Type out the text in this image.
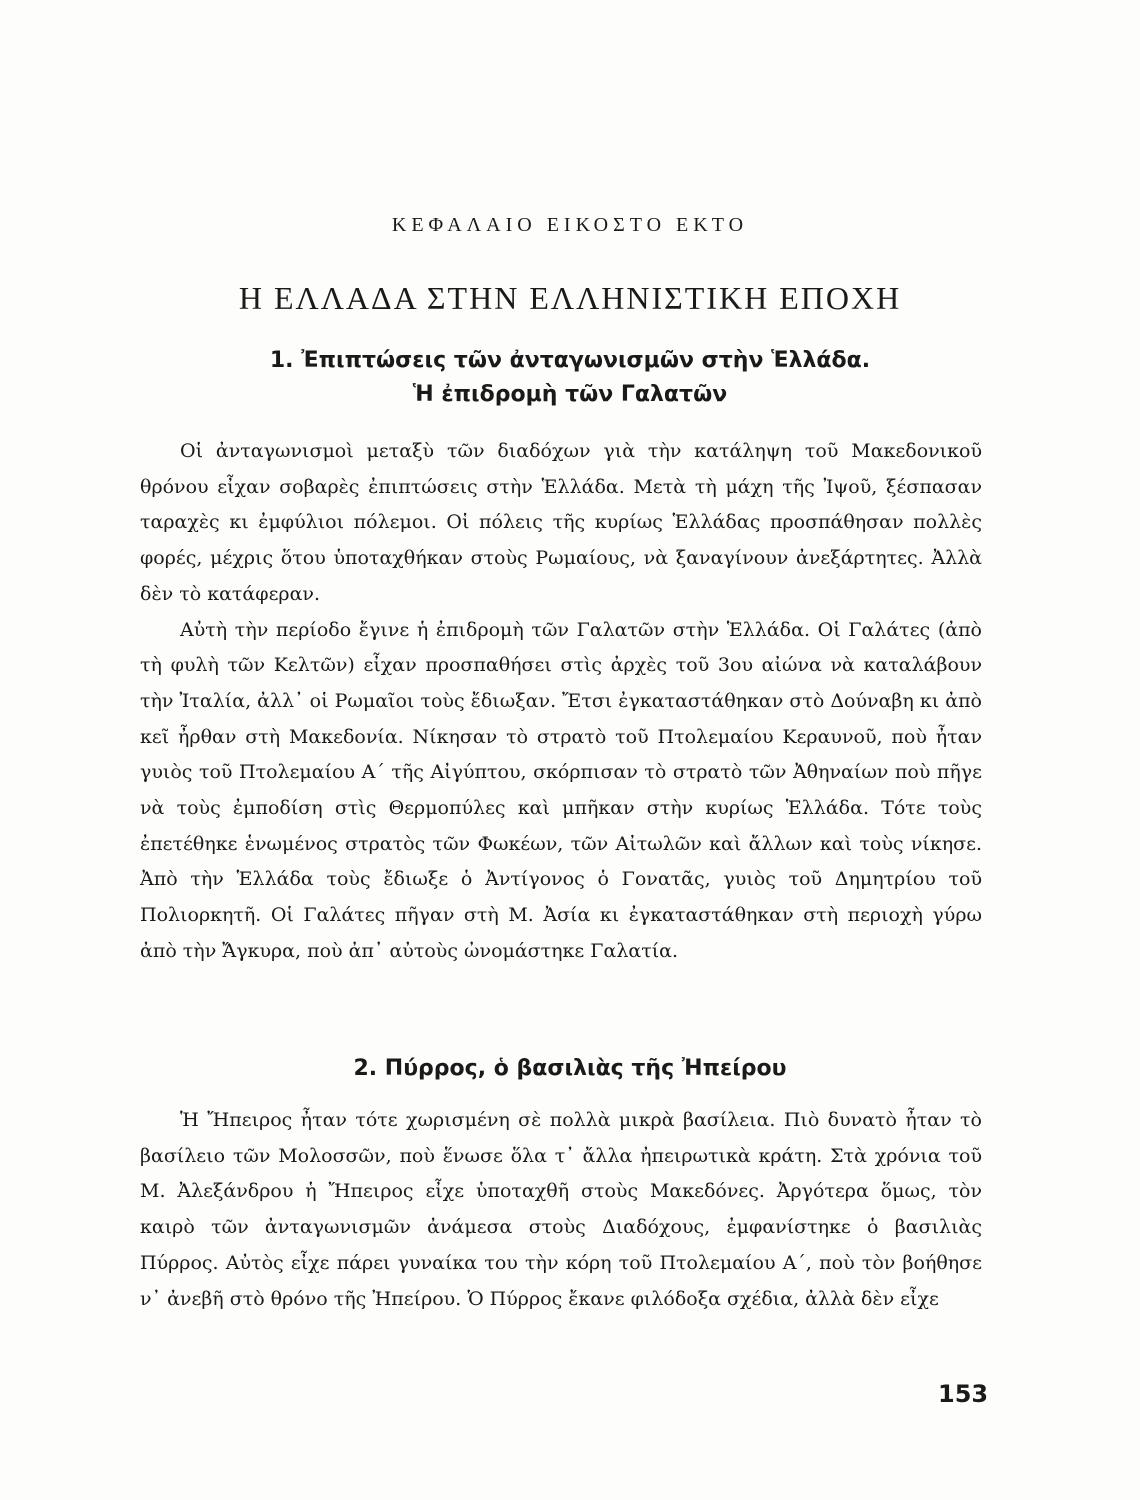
ΚΕΦΑΛΑΙΟ ΕΙΚΟΣΤΟ ΕΚΤΟ
Η ΕΛΛΑΔΑ ΣΤΗΝ ΕΛΛΗΝΙΣΤΙΚΗ ΕΠΟΧΗ
1. Ἐπιπτώσεις τῶν ἀνταγωνισμῶν στὴν Ἑλλάδα.
Ἡ ἐπιδρομὴ τῶν Γαλατῶν

Οἱ ἀνταγωνισμοὶ μεταξὺ τῶν διαδόχων γιὰ τὴν κατάληψη τοῦ Μακεδονικοῦ θρόνου εἶχαν σοβαρὲς ἐπιπτώσεις στὴν Ἑλλάδα. Μετὰ τὴ μάχη τῆς Ἰψοῦ, ξέσπασαν ταραχὲς κι ἐμφύλιοι πόλεμοι. Οἱ πόλεις τῆς κυρίως Ἑλλάδας προσπάθησαν πολλὲς φορές, μέχρις ὅτου ὑποταχθήκαν στοὺς Ρωμαίους, νὰ ξαναγίνουν ἀνεξάρτητες. Ἀλλὰ δὲν τὸ κατάφεραν.

Αὐτὴ τὴν περίοδο ἔγινε ἡ ἐπιδρομὴ τῶν Γαλατῶν στὴν Ἑλλάδα. Οἱ Γαλάτες (ἀπὸ τὴ φυλὴ τῶν Κελτῶν) εἶχαν προσπαθήσει στὶς ἀρχὲς τοῦ 3ου αἰώνα νὰ καταλάβουν τὴν Ἰταλία, ἀλλ᾽ οἱ Ρωμαῖοι τοὺς ἔδιωξαν. Ἔτσι ἐγκαταστάθηκαν στὸ Δούναβη κι ἀπὸ κεῖ ἦρθαν στὴ Μακεδονία. Νίκησαν τὸ στρατὸ τοῦ Πτολεμαίου Κεραυνοῦ, ποὺ ἦταν γυιὸς τοῦ Πτολεμαίου Α΄ τῆς Αἰγύπτου, σκόρπισαν τὸ στρατὸ τῶν Ἀθηναίων ποὺ πῆγε νὰ τοὺς ἐμποδίση στὶς Θερμοπύλες καὶ μπῆκαν στὴν κυρίως Ἑλλάδα. Τότε τοὺς ἐπετέθηκε ἑνωμένος στρατὸς τῶν Φωκέων, τῶν Αἰτωλῶν καὶ ἄλλων καὶ τοὺς νίκησε. Ἀπὸ τὴν Ἑλλάδα τοὺς ἔδιωξε ὁ Ἀντίγονος ὁ Γονατᾶς, γυιὸς τοῦ Δημητρίου τοῦ Πολιορκητῆ. Οἱ Γαλάτες πῆγαν στὴ Μ. Ἀσία κι ἐγκαταστάθηκαν στὴ περιοχὴ γύρω ἀπὸ τὴν Ἄγκυρα, ποὺ ἀπ᾽ αὐτοὺς ὠνομάστηκε Γαλατία.

2. Πύρρος, ὁ βασιλιὰς τῆς Ἠπείρου

Ἡ Ἤπειρος ἦταν τότε χωρισμένη σὲ πολλὰ μικρὰ βασίλεια. Πιὸ δυνατὸ ἦταν τὸ βασίλειο τῶν Μολοσσῶν, ποὺ ἕνωσε ὅλα τ᾽ ἄλλα ἠπειρωτικὰ κράτη. Στὰ χρόνια τοῦ Μ. Ἀλεξάνδρου ἡ Ἤπειρος εἶχε ὑποταχθῆ στοὺς Μακεδόνες. Ἀργότερα ὅμως, τὸν καιρὸ τῶν ἀνταγωνισμῶν ἀνάμεσα στοὺς Διαδόχους, ἐμφανίστηκε ὁ βασιλιὰς Πύρρος. Αὐτὸς εἶχε πάρει γυναίκα του τὴν κόρη τοῦ Πτολεμαίου Α΄, ποὺ τὸν βοήθησε ν᾽ ἀνεβῆ στὸ θρόνο τῆς Ἠπείρου. Ὁ Πύρρος ἔκανε φιλόδοξα σχέδια, ἀλλὰ δὲν εἶχε

153
